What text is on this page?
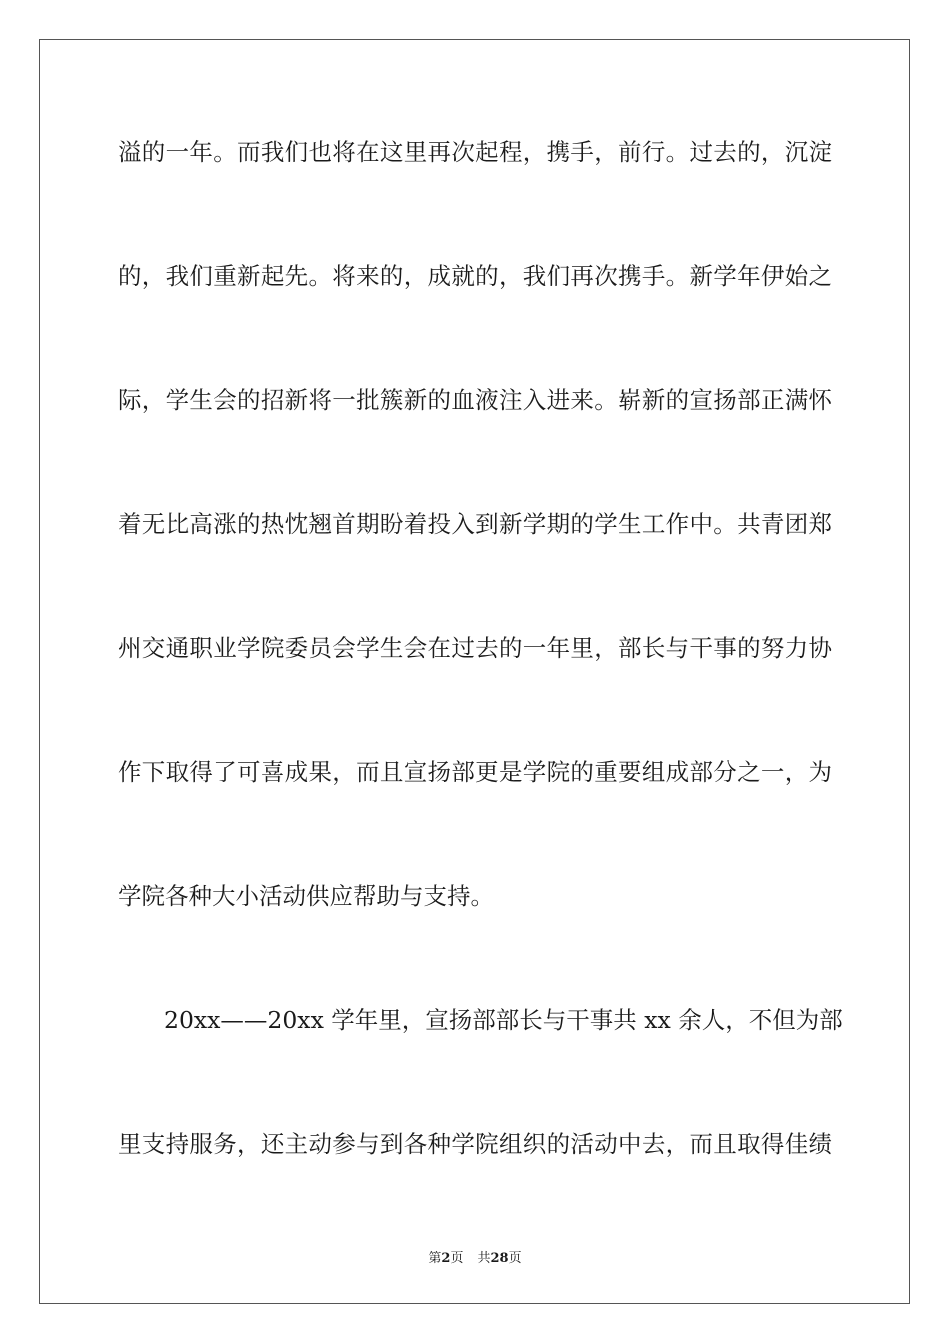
溢的一年。而我们也将在这里再次起程，携手，前行。过去的，沉淀
的，我们重新起先。将来的，成就的，我们再次携手。新学年伊始之
际，学生会的招新将一批簇新的血液注入进来。崭新的宣扬部正满怀
着无比高涨的热忱翘首期盼着投入到新学期的学生工作中。共青团郑
州交通职业学院委员会学生会在过去的一年里，部长与干事的努力协
作下取得了可喜成果，而且宣扬部更是学院的重要组成部分之一，为
学院各种大小活动供应帮助与支持。
20xx——20xx 学年里，宣扬部部长与干事共 xx 余人，不但为部
里支持服务，还主动参与到各种学院组织的活动中去，而且取得佳绩
第2页 共28页
